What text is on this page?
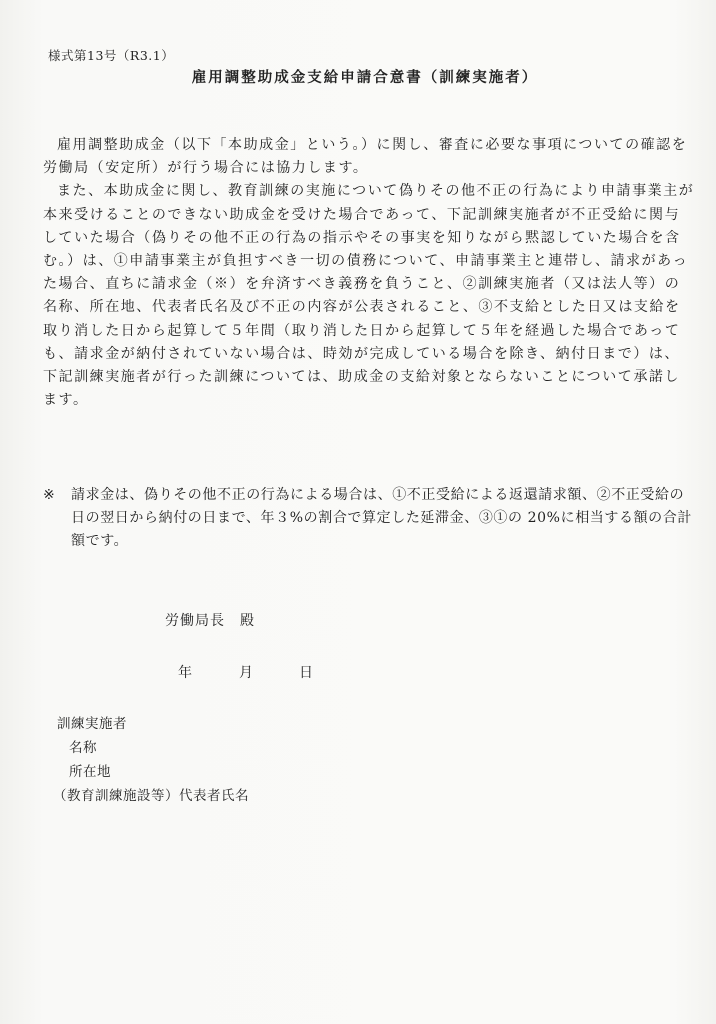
様式第13号（R3.1）
雇用調整助成金支給申請合意書（訓練実施者）

雇用調整助成金（以下「本助成金」という。）に関し、審査に必要な事項についての確認を労働局（安定所）が行う場合には協力します。

また、本助成金に関し、教育訓練の実施について偽りその他不正の行為により申請事業主が本来受けることのできない助成金を受けた場合であって、下記訓練実施者が不正受給に関与していた場合（偽りその他不正の行為の指示やその事実を知りながら黙認していた場合を含む。）は、①申請事業主が負担すべき一切の債務について、申請事業主と連帯し、請求があった場合、直ちに請求金（※）を弁済すべき義務を負うこと、②訓練実施者（又は法人等）の名称、所在地、代表者氏名及び不正の内容が公表されること、③不支給とした日又は支給を取り消した日から起算して５年間（取り消した日から起算して５年を経過した場合であっても、請求金が納付されていない場合は、時効が完成している場合を除き、納付日まで）は、下記訓練実施者が行った訓練については、助成金の支給対象とならないことについて承諾します。

※ 請求金は、偽りその他不正の行為による場合は、①不正受給による返還請求額、②不正受給の日の翌日から納付の日まで、年３%の割合で算定した延滞金、③①の 20%に相当する額の合計額です。
労働局長　殿
年	月	日
訓練実施者
名称
所在地
（教育訓練施設等）代表者氏名
